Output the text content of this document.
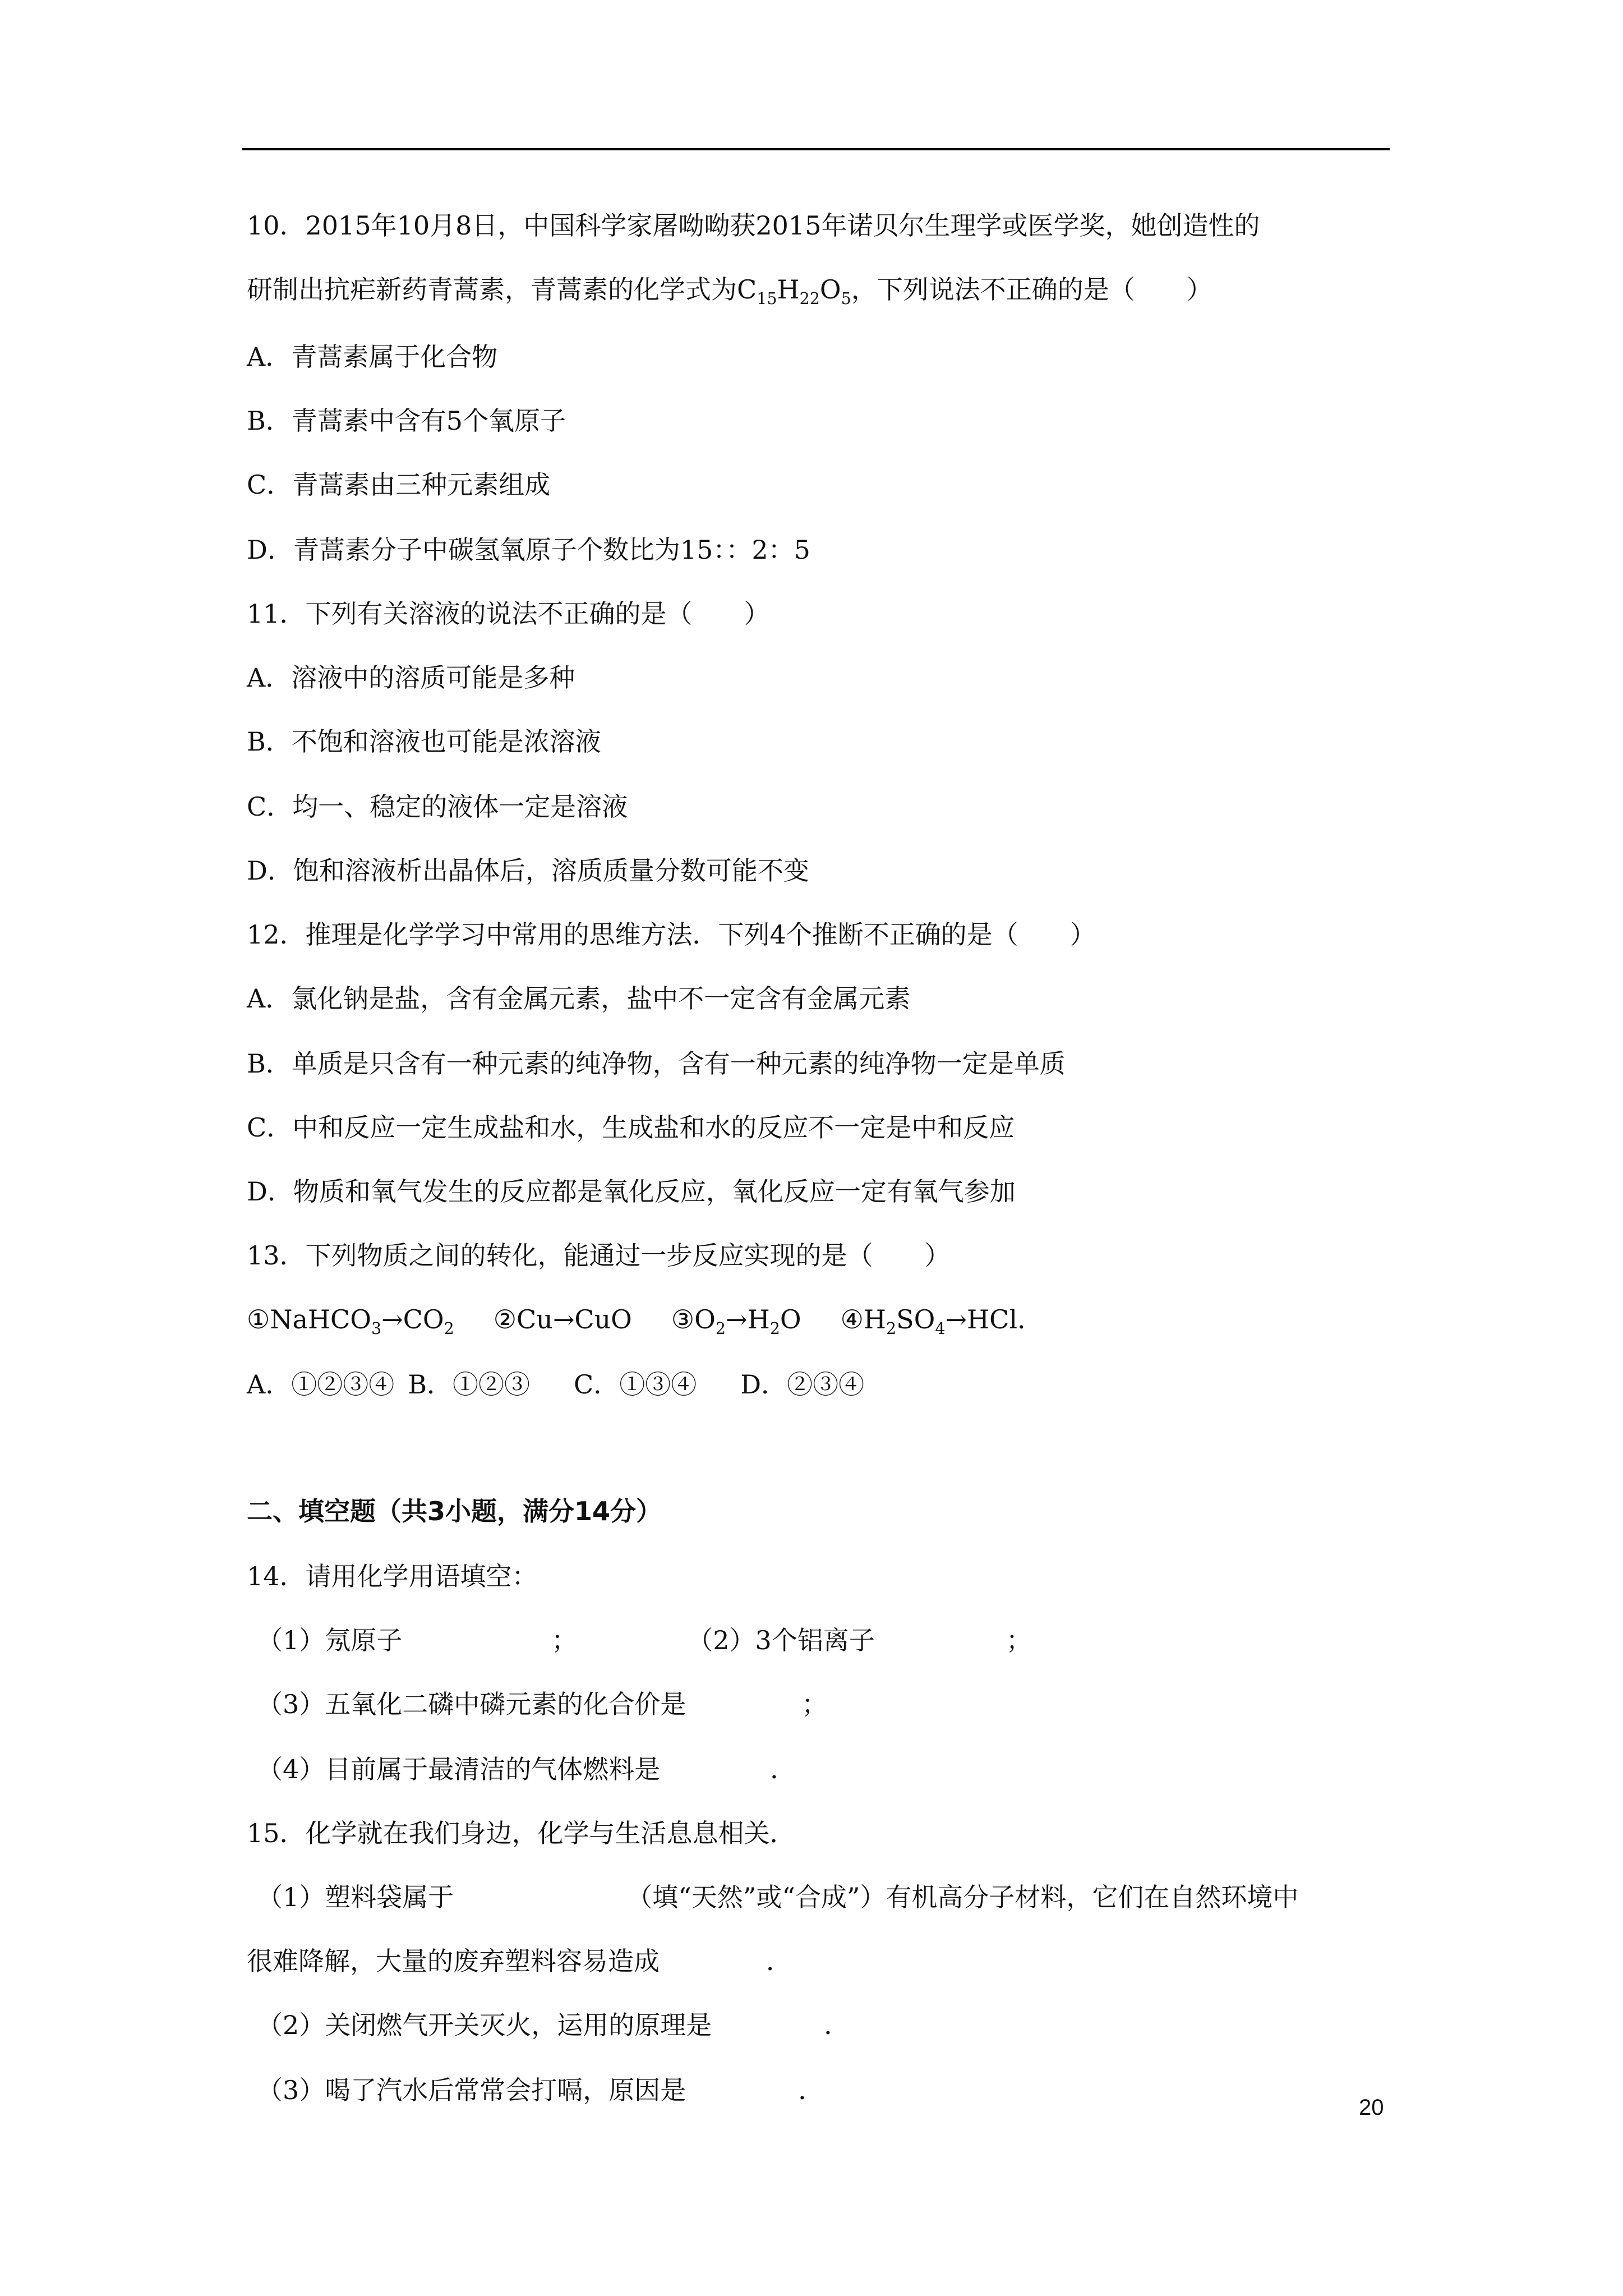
10．2015年10月8日，中国科学家屠呦呦获2015年诺贝尔生理学或医学奖，她创造性的
研制出抗疟新药青蒿素，青蒿素的化学式为$C_{15}H_{22}O_5$，下列说法不正确的是（　　）
A．青蒿素属于化合物
B．青蒿素中含有5个氧原子
C．青蒿素由三种元素组成
D．青蒿素分子中碳氢氧原子个数比为15：：2：5
11．下列有关溶液的说法不正确的是（　　）
A．溶液中的溶质可能是多种
B．不饱和溶液也可能是浓溶液
C．均一、稳定的液体一定是溶液
D．饱和溶液析出晶体后，溶质质量分数可能不变
12．推理是化学学习中常用的思维方法．下列4个推断不正确的是（　　）
A．氯化钠是盐，含有金属元素，盐中不一定含有金属元素
B．单质是只含有一种元素的纯净物，含有一种元素的纯净物一定是单质
C．中和反应一定生成盐和水，生成盐和水的反应不一定是中和反应
D．物质和氧气发生的反应都是氧化反应，氧化反应一定有氧气参加
13．下列物质之间的转化，能通过一步反应实现的是（　　）
$①NaHCO_3\to CO_2$ ②Cu→CuO $③O_2\to H_2O$ $④H_2SO_4\to HCl$．
A．①②③④ B．①②③ C．①③④ D．②③④
二、填空题（共3小题，满分14分）
14．请用化学用语填空：
（1）氖原子	；	（2）3个铝离子	；
（3）五氧化二磷中磷元素的化合价是	；
（4）目前属于最清洁的气体燃料是	．
15．化学就在我们身边，化学与生活息息相关．
（1）塑料袋属于	（填“天然”或“合成”）有机高分子材料，它们在自然环境中
很难降解，大量的废弃塑料容易造成	．
（2）关闭燃气开关灭火，运用的原理是	．
（3）喝了汽水后常常会打嗝，原因是	．
20
